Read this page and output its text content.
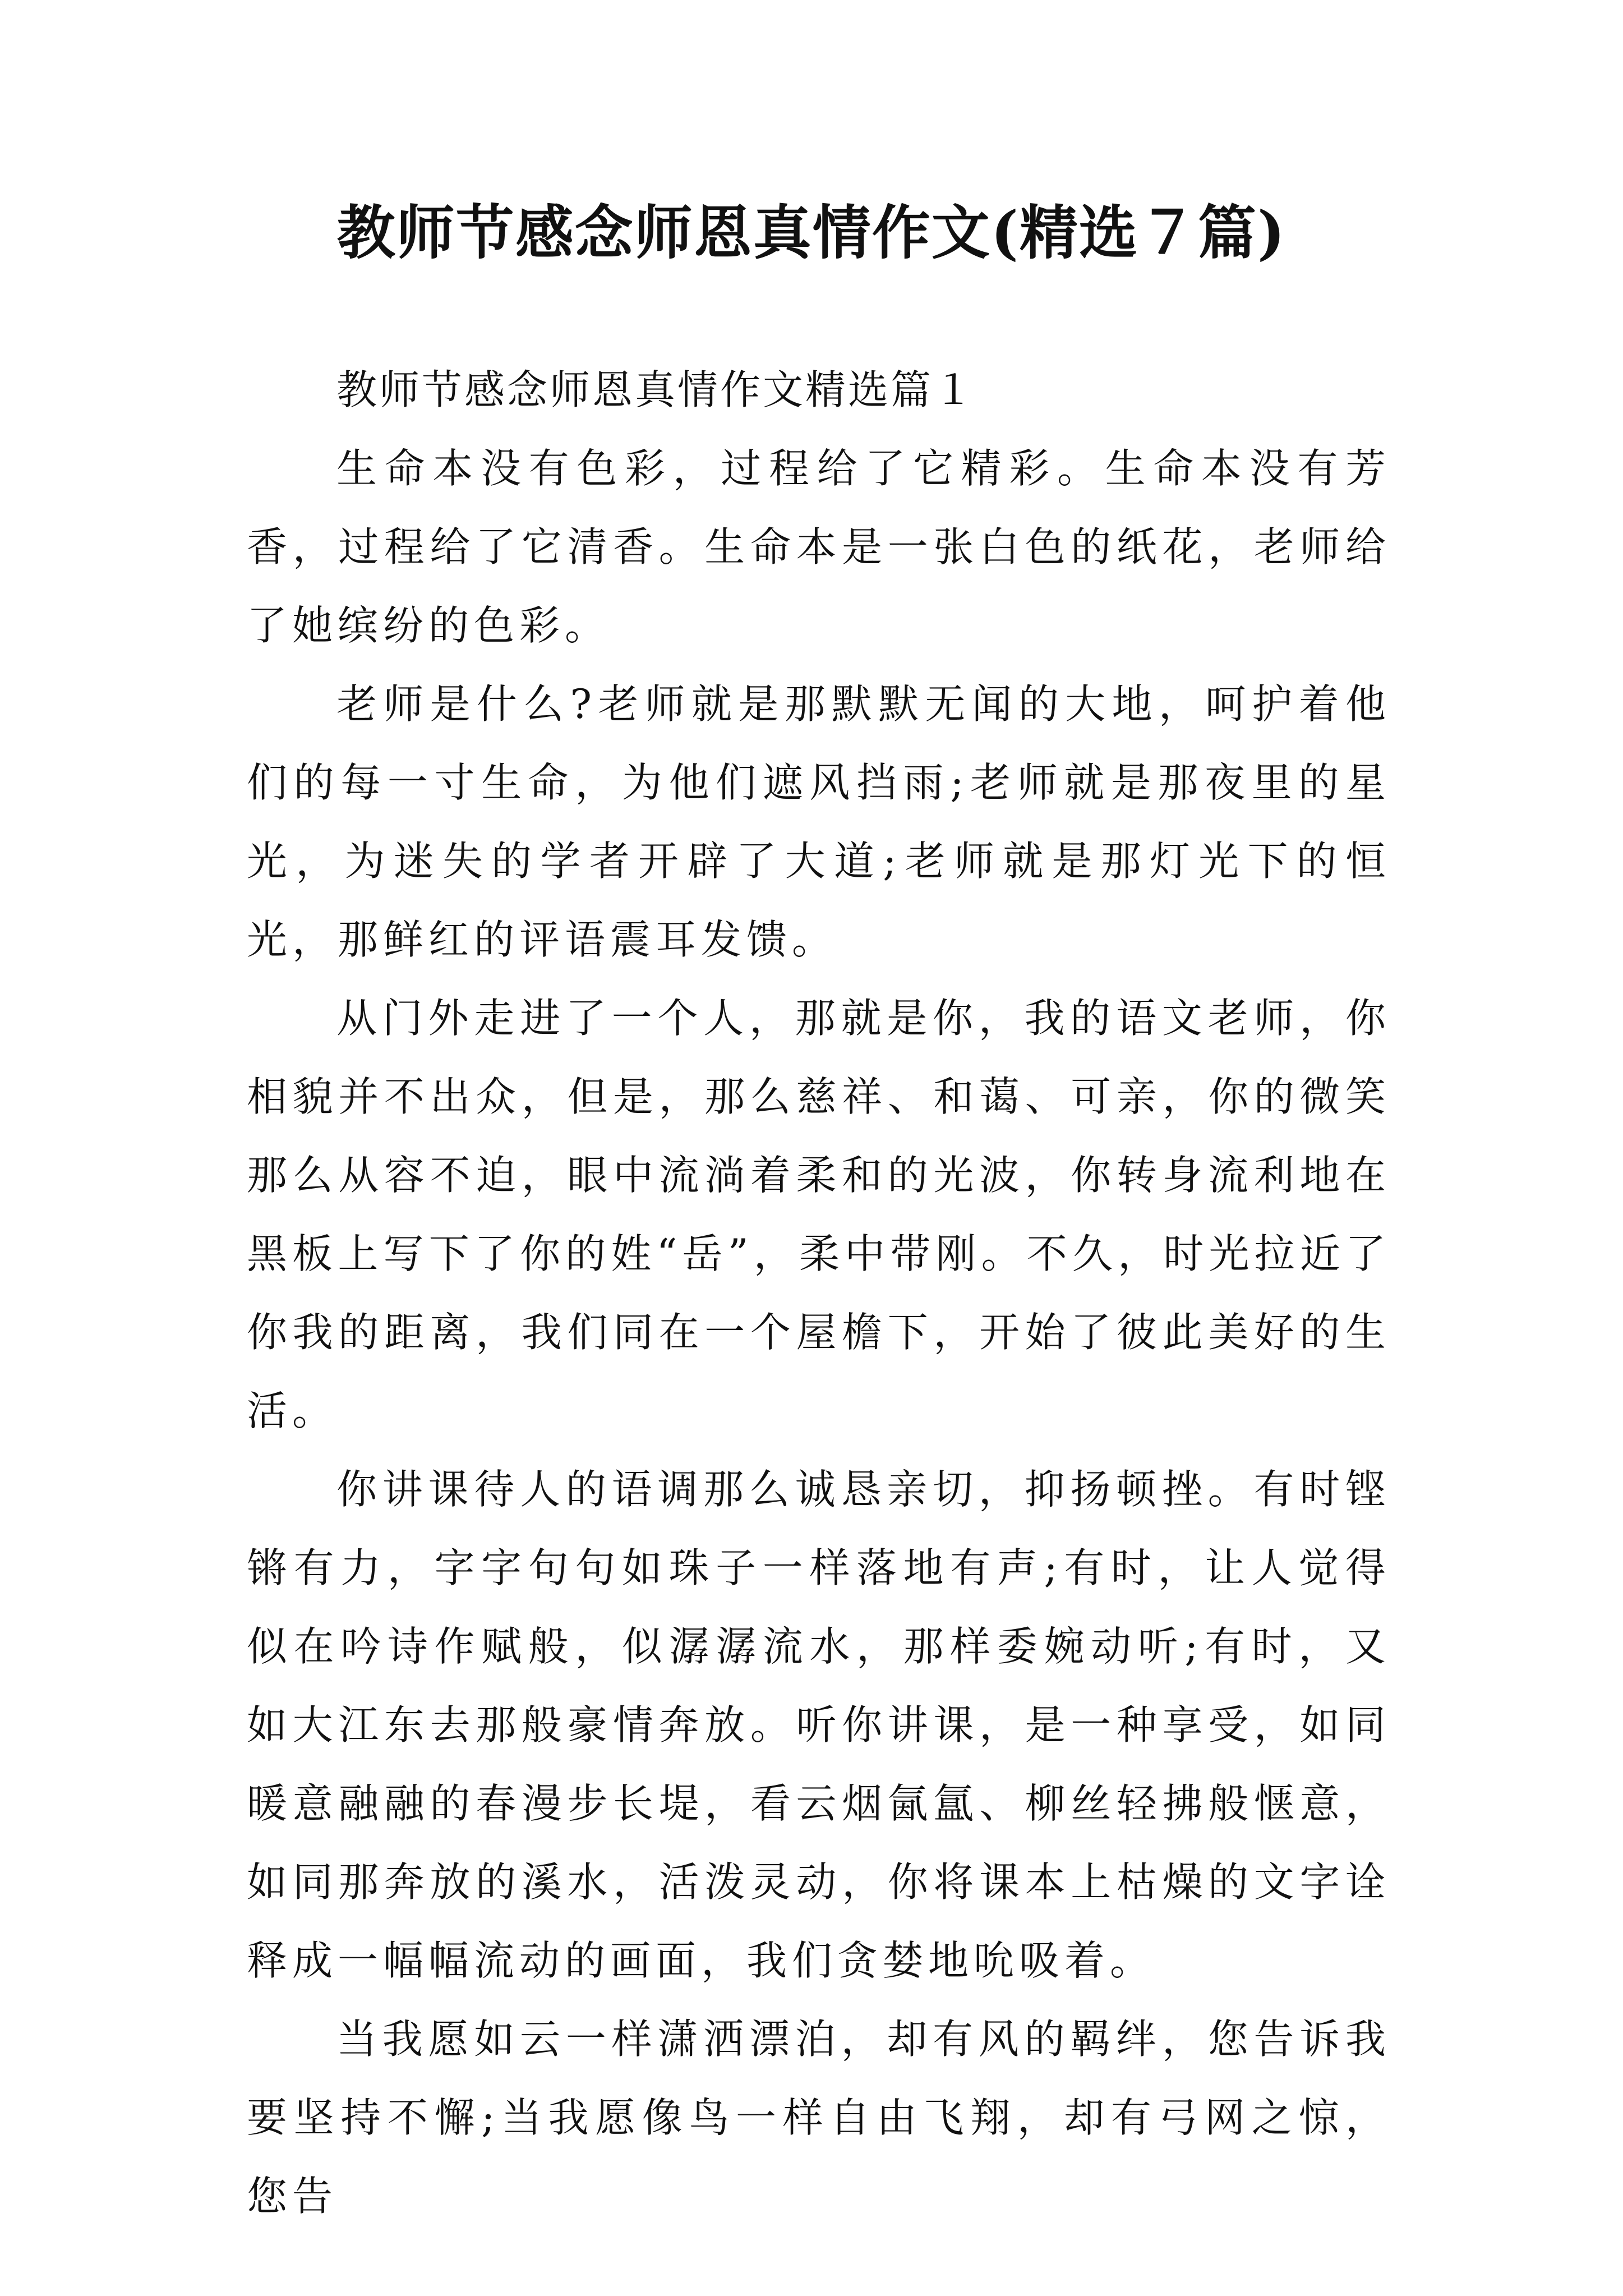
教师节感念师恩真情作文(精选７篇)

教师节感念师恩真情作文精选篇１

生命本没有色彩，过程给了它精彩。生命本没有芳香，过程给了它清香。生命本是一张白色的纸花，老师给了她缤纷的色彩。

老师是什么?老师就是那默默无闻的大地，呵护着他们的每一寸生命，为他们遮风挡雨;老师就是那夜里的星光，为迷失的学者开辟了大道;老师就是那灯光下的恒光，那鲜红的评语震耳发馈。

从门外走进了一个人，那就是你，我的语文老师，你相貌并不出众，但是，那么慈祥、和蔼、可亲，你的微笑那么从容不迫，眼中流淌着柔和的光波，你转身流利地在黑板上写下了你的姓“岳”，柔中带刚。不久，时光拉近了你我的距离，我们同在一个屋檐下，开始了彼此美好的生活。

你讲课待人的语调那么诚恳亲切，抑扬顿挫。有时铿锵有力，字字句句如珠子一样落地有声;有时，让人觉得似在吟诗作赋般，似潺潺流水，那样委婉动听;有时，又如大江东去那般豪情奔放。听你讲课，是一种享受，如同暖意融融的春漫步长堤，看云烟氤氲、柳丝轻拂般惬意，如同那奔放的溪水，活泼灵动，你将课本上枯燥的文字诠释成一幅幅流动的画面，我们贪婪地吮吸着。

当我愿如云一样潇洒漂泊，却有风的羁绊，您告诉我要坚持不懈;当我愿像鸟一样自由飞翔，却有弓网之惊，您告
